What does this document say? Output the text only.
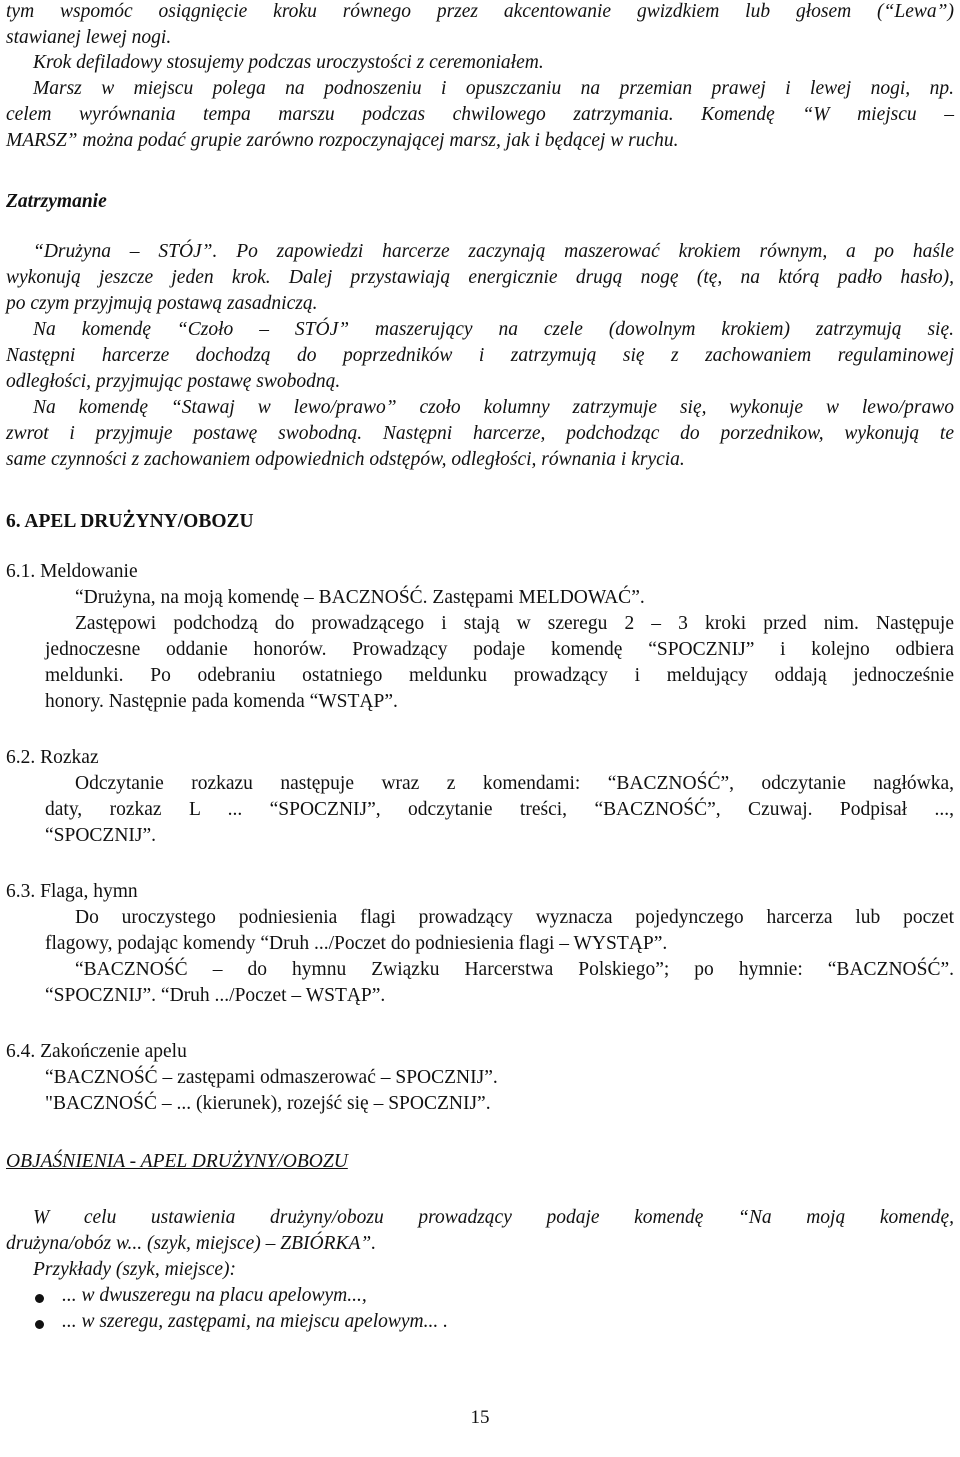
tym wspomóc osiągnięcie kroku równego przez akcentowanie gwizdkiem lub głosem (“Lewa”)
stawianej lewej nogi.
Krok defiladowy stosujemy podczas uroczystości z ceremoniałem.
Marsz w miejscu polega na podnoszeniu i opuszczaniu na przemian prawej i lewej nogi, np.
celem wyrównania tempa marszu podczas chwilowego zatrzymania. Komendę “W miejscu –
MARSZ” można podać grupie zarówno rozpoczynającej marsz, jak i będącej w ruchu.
Zatrzymanie
“Drużyna – STÓJ”. Po zapowiedzi harcerze zaczynają maszerować krokiem równym, a po haśle
wykonują jeszcze jeden krok. Dalej przystawiają energicznie drugą nogę (tę, na którą padło hasło),
po czym przyjmują postawą zasadniczą.
Na komendę “Czoło – STÓJ” maszerujący na czele (dowolnym krokiem) zatrzymują się.
Następni harcerze dochodzą do poprzedników i zatrzymują się z zachowaniem regulaminowej
odległości, przyjmując postawę swobodną.
Na komendę “Stawaj w lewo/prawo” czoło kolumny zatrzymuje się, wykonuje w lewo/prawo
zwrot i przyjmuje postawę swobodną. Następni harcerze, podchodząc do porzednikow, wykonują te
same czynności z zachowaniem odpowiednich odstępów, odległości, równania i krycia.
6. APEL DRUŻYNY/OBOZU
6.1. Meldowanie
“Drużyna, na moją komendę – BACZNOŚĆ. Zastępami MELDOWAĆ”.
Zastępowi podchodzą do prowadzącego i stają w szeregu 2 – 3 kroki przed nim. Następuje
jednoczesne oddanie honorów. Prowadzący podaje komendę “SPOCZNIJ” i kolejno odbiera
meldunki. Po odebraniu ostatniego meldunku prowadzący i meldujący oddają jednocześnie
honory. Następnie pada komenda “WSTĄP”.
6.2. Rozkaz
Odczytanie rozkazu następuje wraz z komendami: “BACZNOŚĆ”, odczytanie nagłówka,
daty, rozkaz L ... “SPOCZNIJ”, odczytanie treści, “BACZNOŚĆ”, Czuwaj. Podpisał ...,
“SPOCZNIJ”.
6.3. Flaga, hymn
Do uroczystego podniesienia flagi prowadzący wyznacza pojedynczego harcerza lub poczet
flagowy, podając komendy “Druh .../Poczet do podniesienia flagi – WYSTĄP”.
“BACZNOŚĆ – do hymnu Związku Harcerstwa Polskiego”; po hymnie: “BACZNOŚĆ”.
“SPOCZNIJ”. “Druh .../Poczet – WSTĄP”.
6.4. Zakończenie apelu
“BACZNOŚĆ – zastępami odmaszerować – SPOCZNIJ”.
"BACZNOŚĆ – ... (kierunek), rozejść się – SPOCZNIJ”.
OBJAŚNIENIA - APEL DRUŻYNY/OBOZU
W celu ustawienia drużyny/obozu prowadzący podaje komendę “Na moją komendę,
drużyna/obóz w... (szyk, miejsce) – ZBIÓRKA”.
Przykłady (szyk, miejsce):
... w dwuszeregu na placu apelowym...,
... w szeregu, zastępami, na miejscu apelowym... .
15
